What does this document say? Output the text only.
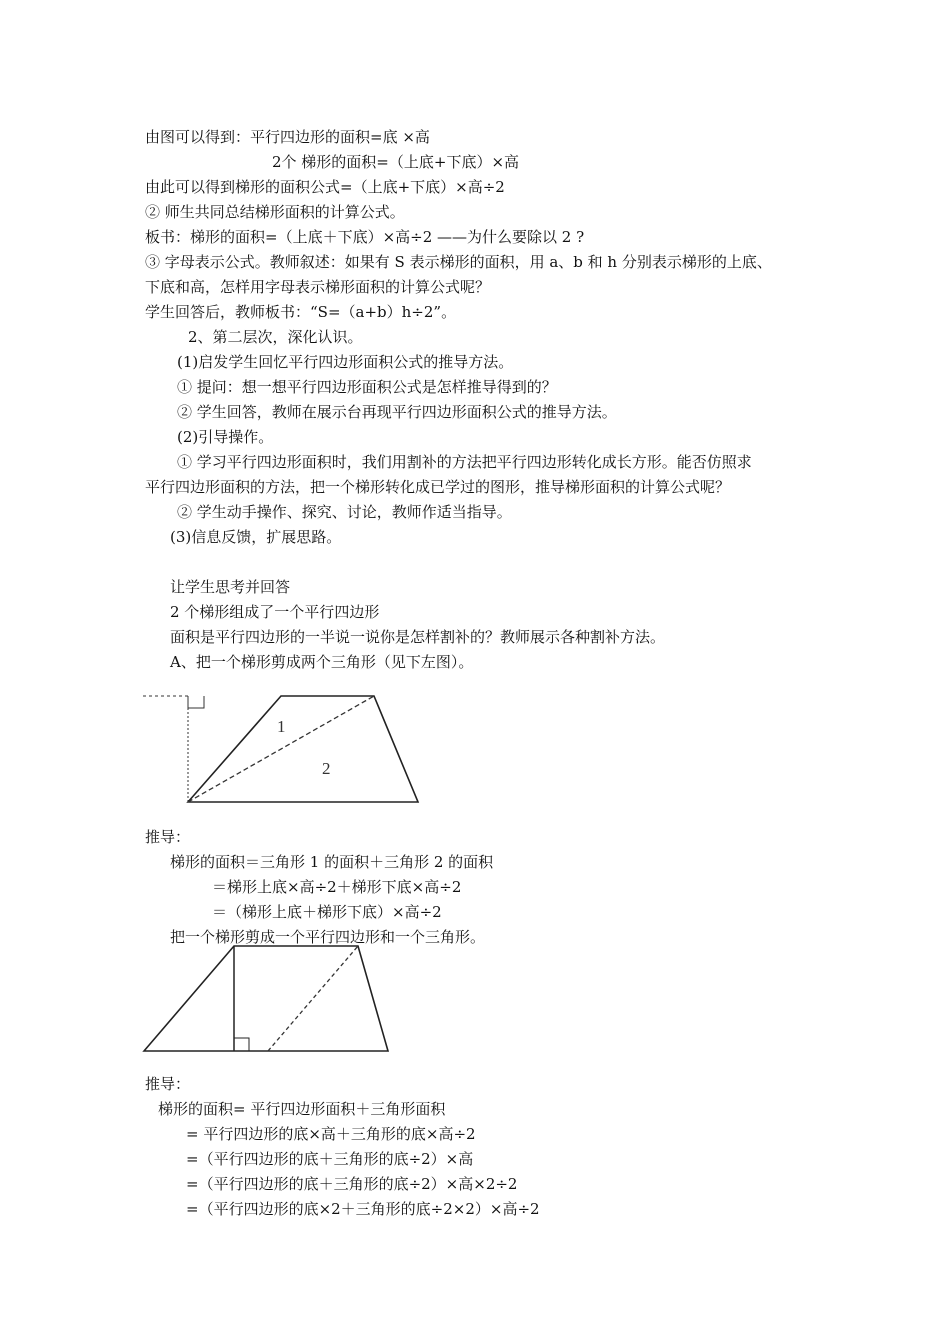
由图可以得到：平行四边形的面积=底 ×高

2个 梯形的面积=（上底+下底）×高

由此可以得到梯形的面积公式=（上底+下底）×高÷2

② 师生共同总结梯形面积的计算公式。

板书：梯形的面积=（上底＋下底）×高÷2 ——为什么要除以 2 ?

③ 字母表示公式。教师叙述：如果有 S 表示梯形的面积，用 a、b 和 h 分别表示梯形的上底、

下底和高，怎样用字母表示梯形面积的计算公式呢？

学生回答后，教师板书：“S=（a+b）h÷2”。

2、第二层次，深化认识。

(1)启发学生回忆平行四边形面积公式的推导方法。

① 提问：想一想平行四边形面积公式是怎样推导得到的？

② 学生回答，教师在展示台再现平行四边形面积公式的推导方法。

(2)引导操作。

① 学习平行四边形面积时，我们用割补的方法把平行四边形转化成长方形。能否仿照求

平行四边形面积的方法，把一个梯形转化成已学过的图形，推导梯形面积的计算公式呢？

② 学生动手操作、探究、讨论，教师作适当指导。

(3)信息反馈，扩展思路。

让学生思考并回答

2 个梯形组成了一个平行四边形

面积是平行四边形的一半说一说你是怎样割补的？教师展示各种割补方法。

A、把一个梯形剪成两个三角形（见下左图）。

1
2

推导：

梯形的面积＝三角形 1 的面积＋三角形 2 的面积

＝梯形上底×高÷2＋梯形下底×高÷2

＝（梯形上底＋梯形下底）×高÷2

把一个梯形剪成一个平行四边形和一个三角形。

推导：

梯形的面积= 平行四边形面积＋三角形面积

= 平行四边形的底×高＋三角形的底×高÷2

=（平行四边形的底＋三角形的底÷2）×高

=（平行四边形的底＋三角形的底÷2）×高×2÷2

=（平行四边形的底×2＋三角形的底÷2×2）×高÷2
